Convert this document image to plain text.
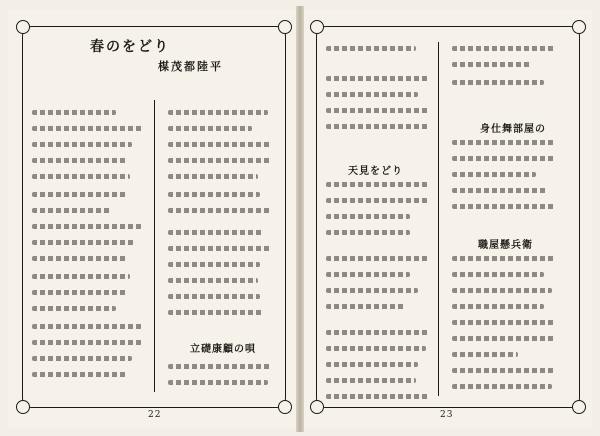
春のをどり
楳茂都陸平
立礎康顧の唄
22
天見をどり
身仕舞部屋の
職屋懸兵衛
23
